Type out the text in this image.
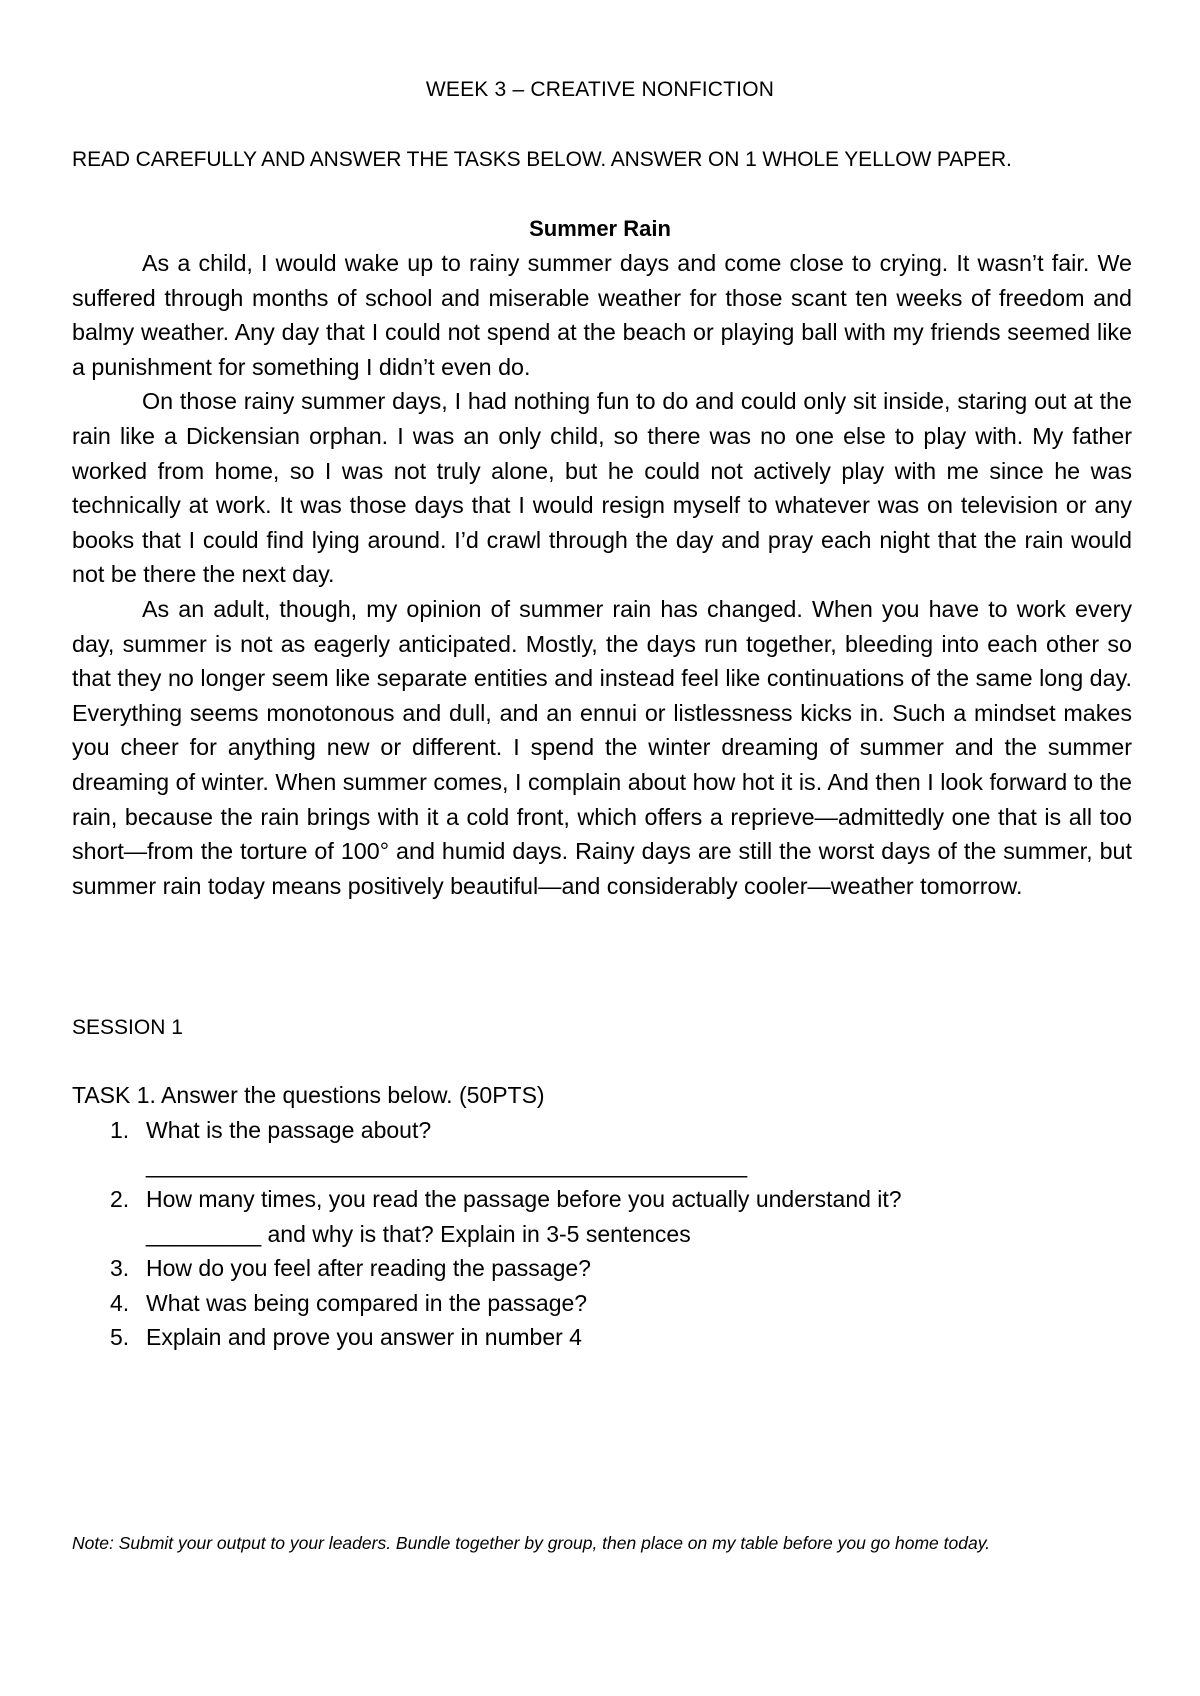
WEEK 3 – CREATIVE NONFICTION
READ CAREFULLY AND ANSWER THE TASKS BELOW. ANSWER ON 1 WHOLE YELLOW PAPER.
Summer Rain

As a child, I would wake up to rainy summer days and come close to crying. It wasn’t fair. We suffered through months of school and miserable weather for those scant ten weeks of freedom and balmy weather. Any day that I could not spend at the beach or playing ball with my friends seemed like a punishment for something I didn’t even do.

On those rainy summer days, I had nothing fun to do and could only sit inside, staring out at the rain like a Dickensian orphan. I was an only child, so there was no one else to play with. My father worked from home, so I was not truly alone, but he could not actively play with me since he was technically at work. It was those days that I would resign myself to whatever was on television or any books that I could find lying around. I’d crawl through the day and pray each night that the rain would not be there the next day.

As an adult, though, my opinion of summer rain has changed. When you have to work every day, summer is not as eagerly anticipated. Mostly, the days run together, bleeding into each other so that they no longer seem like separate entities and instead feel like continuations of the same long day. Everything seems monotonous and dull, and an ennui or listlessness kicks in. Such a mindset makes you cheer for anything new or different. I spend the winter dreaming of summer and the summer dreaming of winter. When summer comes, I complain about how hot it is. And then I look forward to the rain, because the rain brings with it a cold front, which offers a reprieve—admittedly one that is all too short—from the torture of 100° and humid days. Rainy days are still the worst days of the summer, but summer rain today means positively beautiful—and considerably cooler—weather tomorrow.

SESSION 1
TASK 1. Answer the questions below. (50PTS)
1. What is the passage about?
_______________________________________________
2. How many times, you read the passage before you actually understand it?
_________ and why is that? Explain in 3-5 sentences
3. How do you feel after reading the passage?
4. What was being compared in the passage?
5. Explain and prove you answer in number 4
Note: Submit your output to your leaders. Bundle together by group, then place on my table before you go home today.
